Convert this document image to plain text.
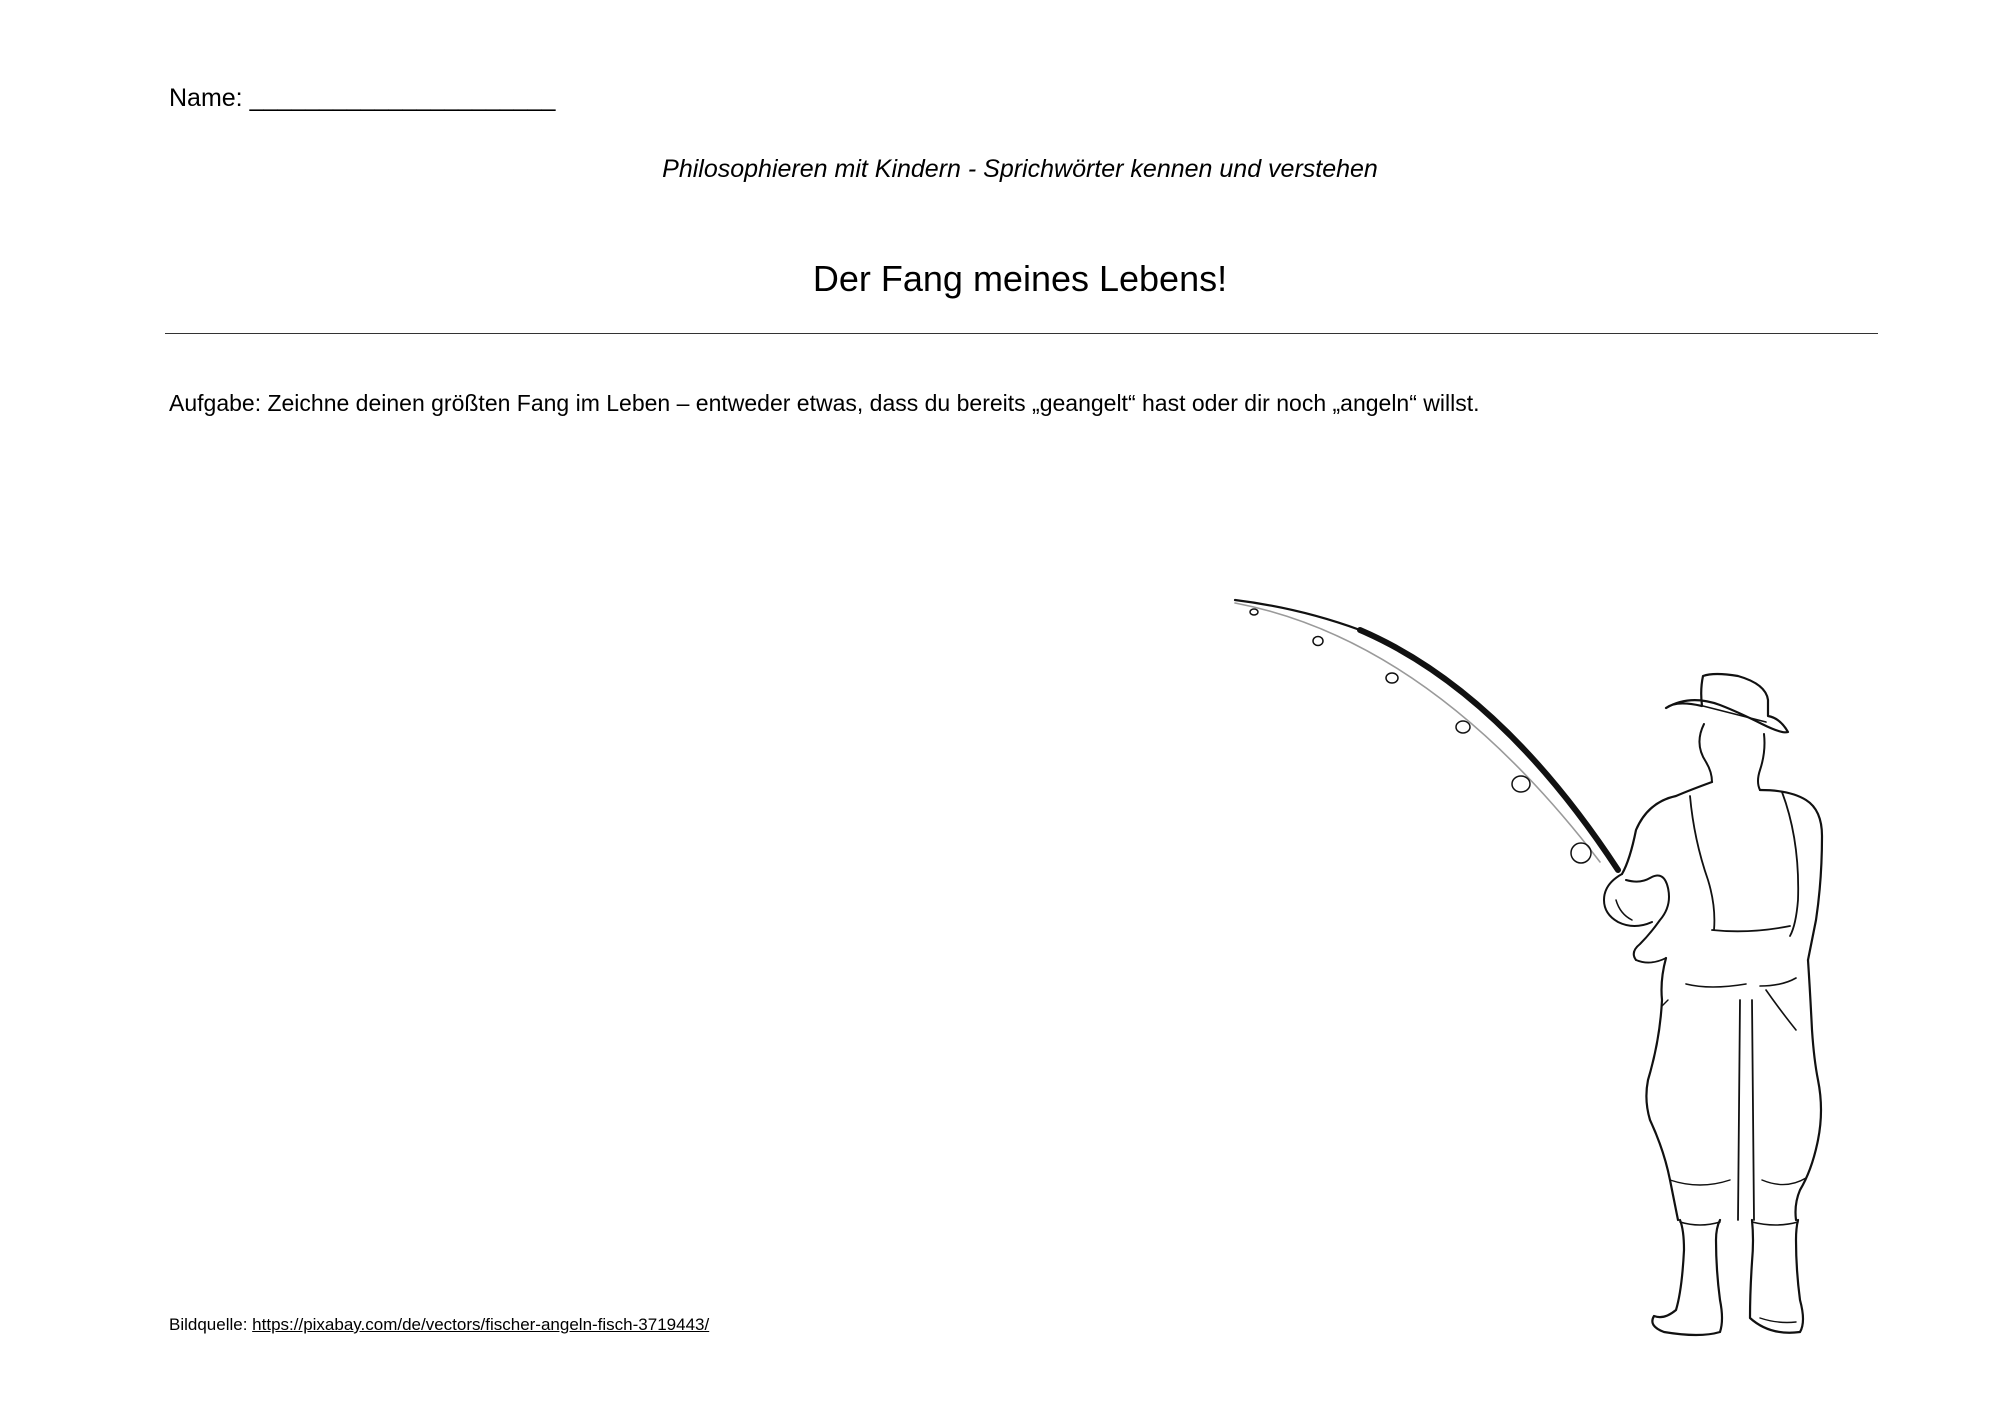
Name: ______________________
Philosophieren mit Kindern - Sprichwörter kennen und verstehen
Der Fang meines Lebens!
Aufgabe: Zeichne deinen größten Fang im Leben – entweder etwas, dass du bereits „geangelt“ hast oder dir noch „angeln“ willst.
Bildquelle: https://pixabay.com/de/vectors/fischer-angeln-fisch-3719443/
